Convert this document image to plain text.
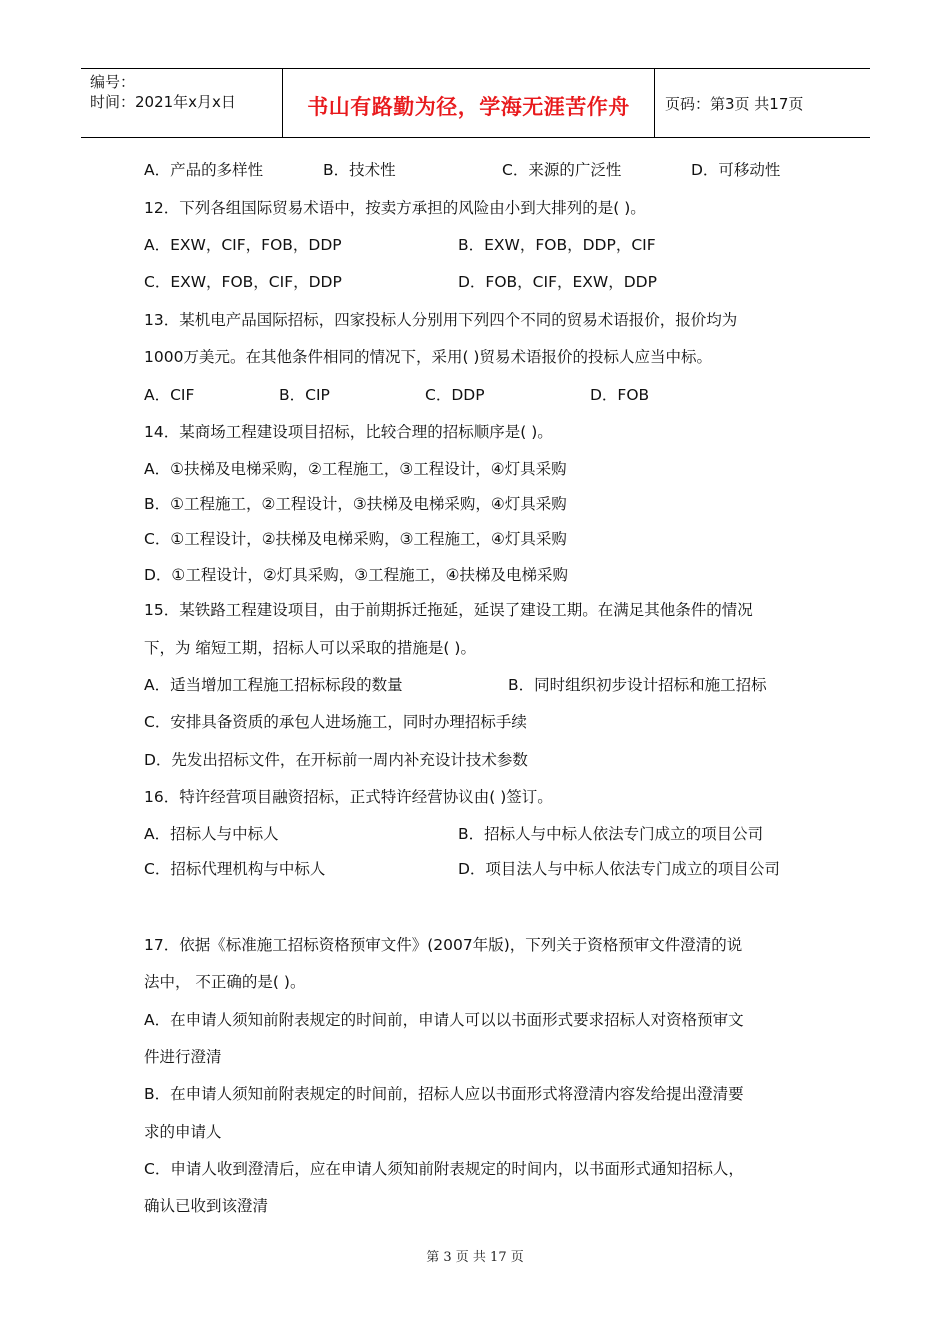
编号：
时间：2021年x月x日	书山有路勤为径，学海无涯苦作舟	页码：第3页 共17页
A．产品的多样性	B．技术性	C．来源的广泛性	D．可移动性
12．下列各组国际贸易术语中，按卖方承担的风险由小到大排列的是( )。
A．EXW，CIF，FOB，DDP	B．EXW，FOB，DDP，CIF
C．EXW，FOB，CIF，DDP	D．FOB，CIF，EXW，DDP
13．某机电产品国际招标，四家投标人分别用下列四个不同的贸易术语报价，报价均为
1000万美元。在其他条件相同的情况下，采用( )贸易术语报价的投标人应当中标。
A．CIF	B．CIP	C．DDP	D．FOB
14．某商场工程建设项目招标，比较合理的招标顺序是( )。
A．①扶梯及电梯采购，②工程施工，③工程设计，④灯具采购
B．①工程施工，②工程设计，③扶梯及电梯采购，④灯具采购
C．①工程设计，②扶梯及电梯采购，③工程施工，④灯具采购
D．①工程设计，②灯具采购，③工程施工，④扶梯及电梯采购
15．某铁路工程建设项目，由于前期拆迁拖延，延误了建设工期。在满足其他条件的情况
下，为 缩短工期，招标人可以采取的措施是( )。
A．适当增加工程施工招标标段的数量	B．同时组织初步设计招标和施工招标
C．安排具备资质的承包人进场施工，同时办理招标手续
D．先发出招标文件，在开标前一周内补充设计技术参数
16．特许经营项目融资招标，正式特许经营协议由( )签订。
A．招标人与中标人	B．招标人与中标人依法专门成立的项目公司
C．招标代理机构与中标人	D．项目法人与中标人依法专门成立的项目公司
17．依据《标准施工招标资格预审文件》(2007年版)，下列关于资格预审文件澄清的说
法中， 不正确的是( )。
A．在申请人须知前附表规定的时间前，申请人可以以书面形式要求招标人对资格预审文
件进行澄清
B．在申请人须知前附表规定的时间前，招标人应以书面形式将澄清内容发给提出澄清要
求的申请人
C．申请人收到澄清后，应在申请人须知前附表规定的时间内，以书面形式通知招标人，
确认已收到该澄清
第 3 页 共 17 页
